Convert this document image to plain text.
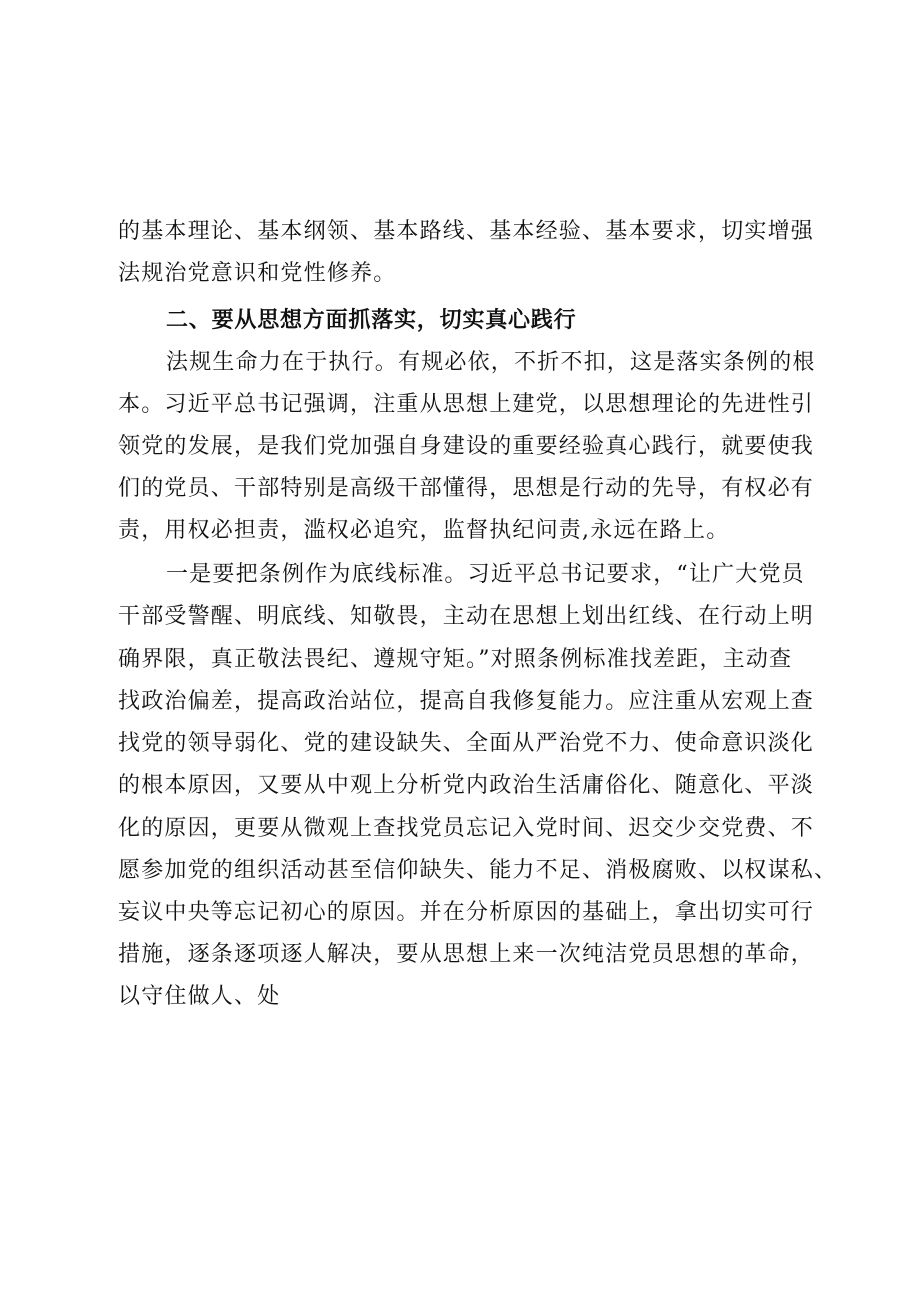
的基本理论、基本纲领、基本路线、基本经验、基本要求，切实增强
法规治党意识和党性修养。
二、要从思想方面抓落实，切实真心践行
法规生命力在于执行。有规必依，不折不扣，这是落实条例的根
本。习近平总书记强调，注重从思想上建党，以思想理论的先进性引
领党的发展，是我们党加强自身建设的重要经验真心践行，就要使我
们的党员、干部特别是高级干部懂得，思想是行动的先导，有权必有
责，用权必担责，滥权必追究，监督执纪问责,永远在路上。
一是要把条例作为底线标准。习近平总书记要求，“让广大党员
干部受警醒、明底线、知敬畏，主动在思想上划出红线、在行动上明
确界限，真正敬法畏纪、遵规守矩。”对照条例标准找差距，主动查
找政治偏差，提高政治站位，提高自我修复能力。应注重从宏观上查
找党的领导弱化、党的建设缺失、全面从严治党不力、使命意识淡化
的根本原因，又要从中观上分析党内政治生活庸俗化、随意化、平淡
化的原因，更要从微观上查找党员忘记入党时间、迟交少交党费、不
愿参加党的组织活动甚至信仰缺失、能力不足、消极腐败、以权谋私、
妄议中央等忘记初心的原因。并在分析原因的基础上，拿出切实可行
措施，逐条逐项逐人解决，要从思想上来一次纯洁党员思想的革命，
以守住做人、处
